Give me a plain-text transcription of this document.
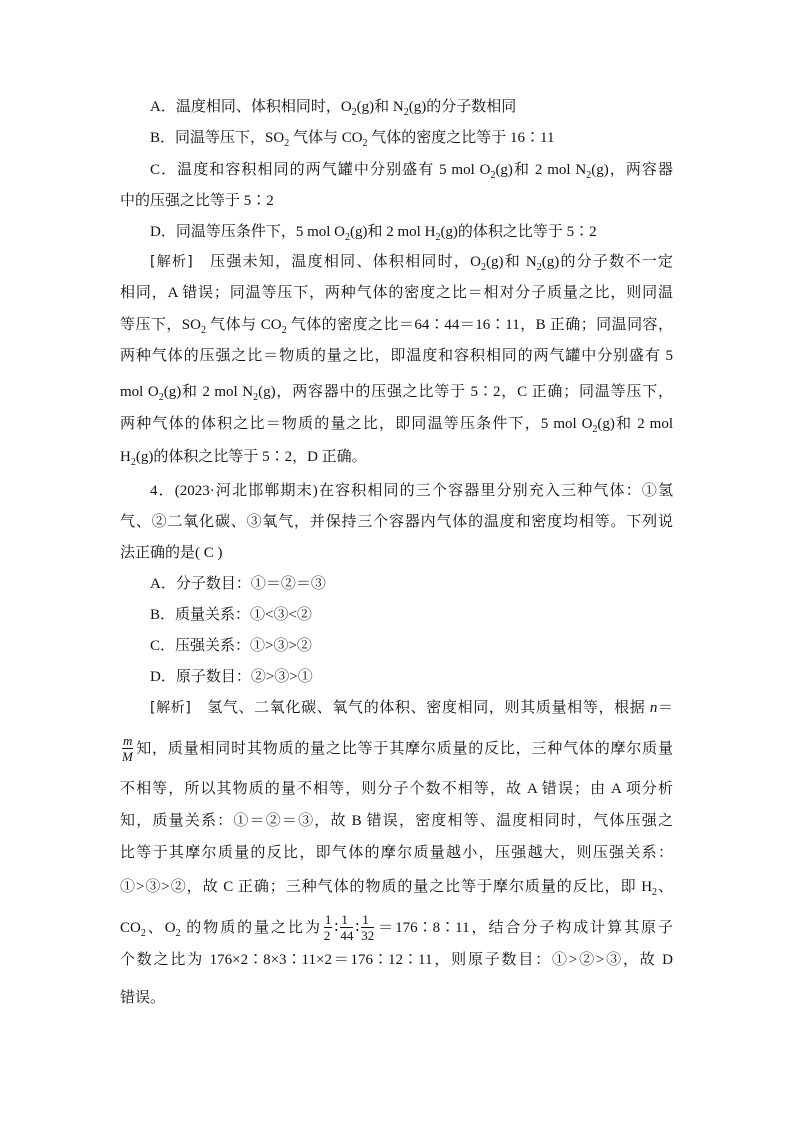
A．温度相同、体积相同时，$O_2(g)$和 $N_2(g)$的分子数相同
B．同温等压下，$SO_2$ 气体与 $CO_2$ 气体的密度之比等于 16∶11
C．温度和容积相同的两气罐中分别盛有 5 mol $O_2(g)$和 2 mol $N_2(g)$，两容器
中的压强之比等于 5∶2
D．同温等压条件下，5 mol $O_2(g)$和 2 mol $H_2(g)$的体积之比等于 5∶2
[解析]　压强未知，温度相同、体积相同时，$O_2(g)$和 $N_2(g)$的分子数不一定
相同，A 错误；同温等压下，两种气体的密度之比＝相对分子质量之比，则同温
等压下，$SO_2$ 气体与 $CO_2$ 气体的密度之比＝64∶44＝16∶11，B 正确；同温同容，
两种气体的压强之比＝物质的量之比，即温度和容积相同的两气罐中分别盛有 5
mol $O_2(g)$和 2 mol $N_2(g)$，两容器中的压强之比等于 5∶2，C 正确；同温等压下，
两种气体的体积之比＝物质的量之比，即同温等压条件下，5 mol $O_2(g)$和 2 mol
$H_2(g)$的体积之比等于 5∶2，D 正确。
4．(2023·河北邯郸期末)在容积相同的三个容器里分别充入三种气体：①氢
气、②二氧化碳、③氧气，并保持三个容器内气体的温度和密度均相等。下列说
法正确的是( C )
A．分子数目：①＝②＝③
B．质量关系：①<③<②
C．压强关系：①>③>②
D．原子数目：②>③>①
[解析]　氢气、二氧化碳、氧气的体积、密度相同，则其质量相等，根据 n＝
$\frac{m}{M}$ 知，质量相同时其物质的量之比等于其摩尔质量的反比，三种气体的摩尔质量
不相等，所以其物质的量不相等，则分子个数不相等，故 A 错误；由 A 项分析
知，质量关系：①＝②＝③，故 B 错误，密度相等、温度相同时，气体压强之
比等于其摩尔质量的反比，即气体的摩尔质量越小，压强越大，则压强关系：
①>③>②，故 C 正确；三种气体的物质的量之比等于摩尔质量的反比，即 $H_2$、
$CO_2$、$O_2$ 的物质的量之比为 $\frac{1}{2}$ ∶ $\frac{1}{44}$ ∶ $\frac{1}{32}$ ＝176∶8∶11，结合分子构成计算其原子
个数之比为 176×2∶8×3∶11×2＝176∶12∶11，则原子数目：①>②>③，故 D
错误。
